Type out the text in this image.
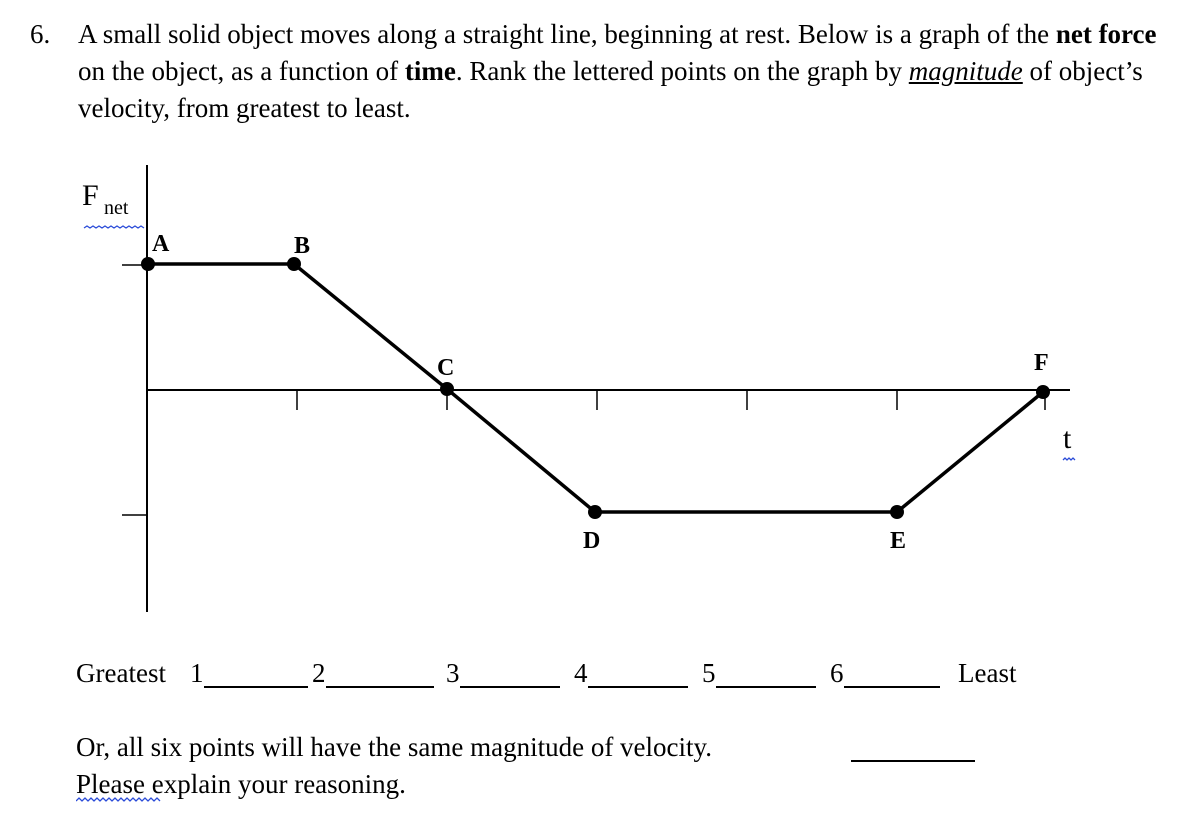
6. A small solid object moves along a straight line, beginning at rest. Below is a graph of the net force on the object, as a function of time. Rank the lettered points on the graph by magnitude of object’s velocity, from greatest to least.
A	B
C
D	E
F
F net
t
Greatest 1	2	3	4	5	6	Least
Or, all six points will have the same magnitude of velocity.
Please explain your reasoning.
